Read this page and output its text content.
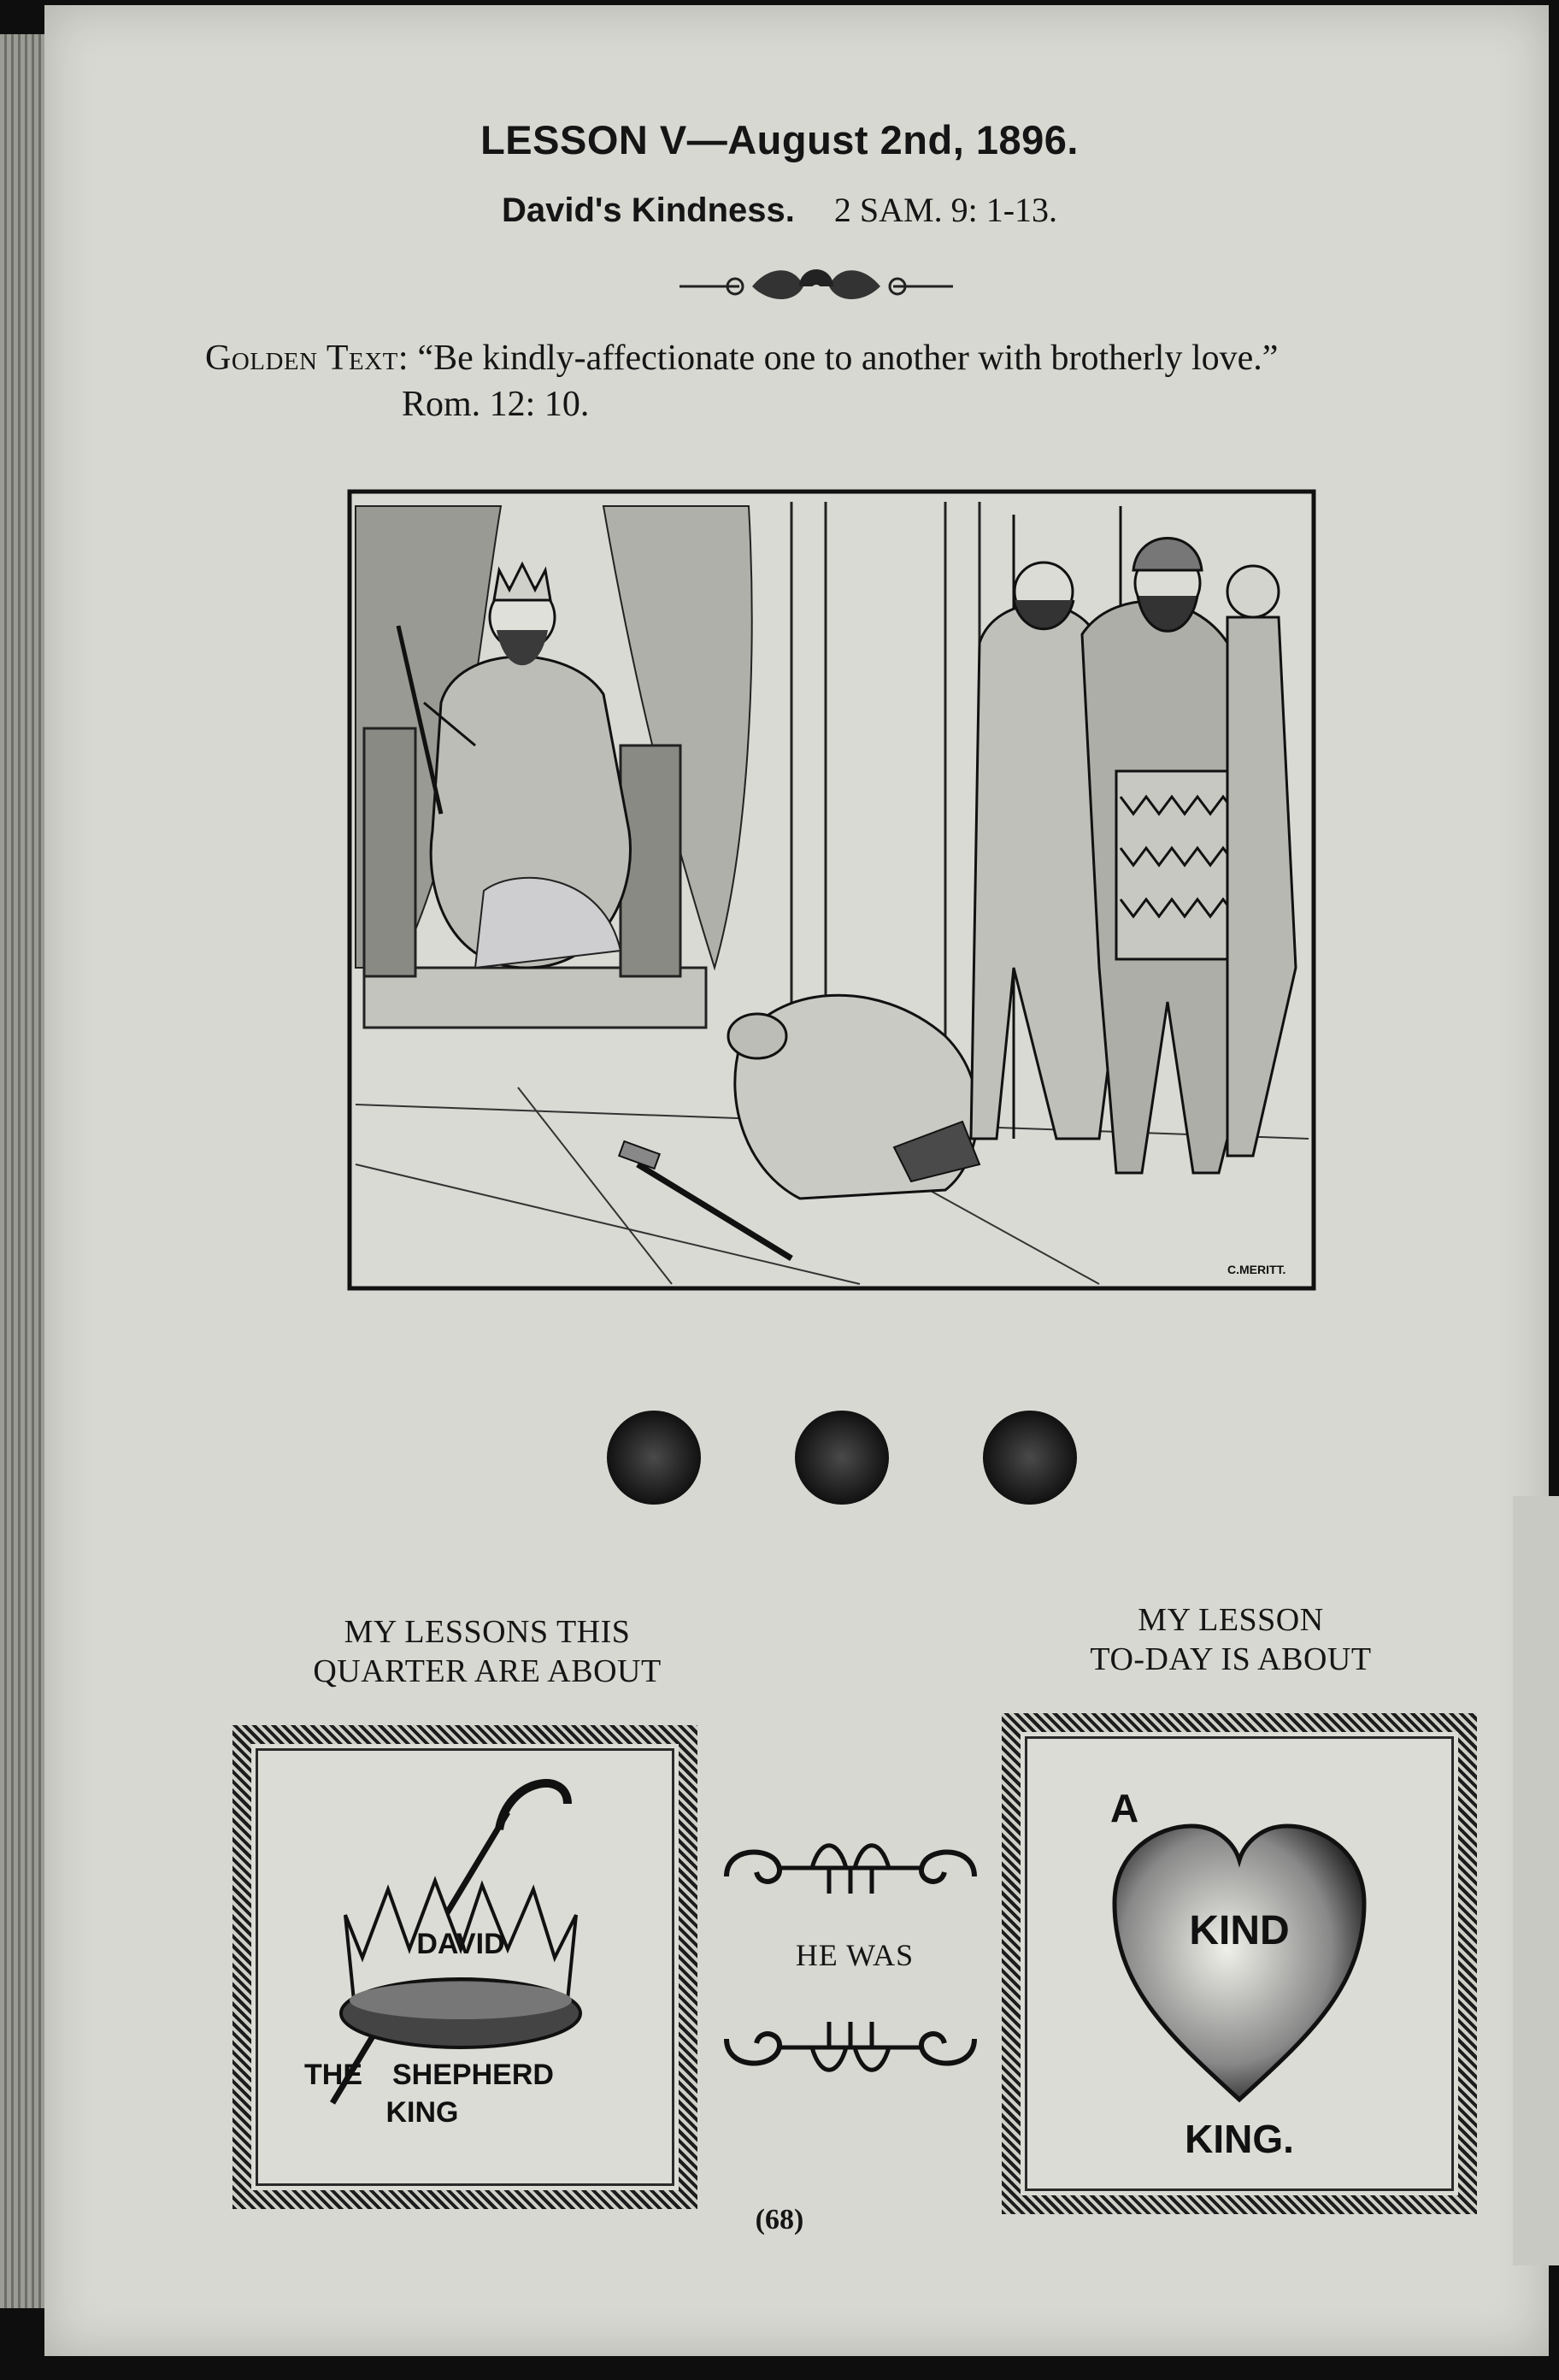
LESSON V—August 2nd, 1896.
David's Kindness. 2 SAM. 9: 1-13.
Golden Text: “Be kindly-affectionate one to another with brotherly love.”
Rom. 12: 10.
C.MERITT.
MY LESSONS THIS
QUARTER ARE ABOUT
MY LESSON
TO-DAY IS ABOUT
DAVID
THE SHEPHERD
KING
HE WAS
A
KIND
KING.
(68)
